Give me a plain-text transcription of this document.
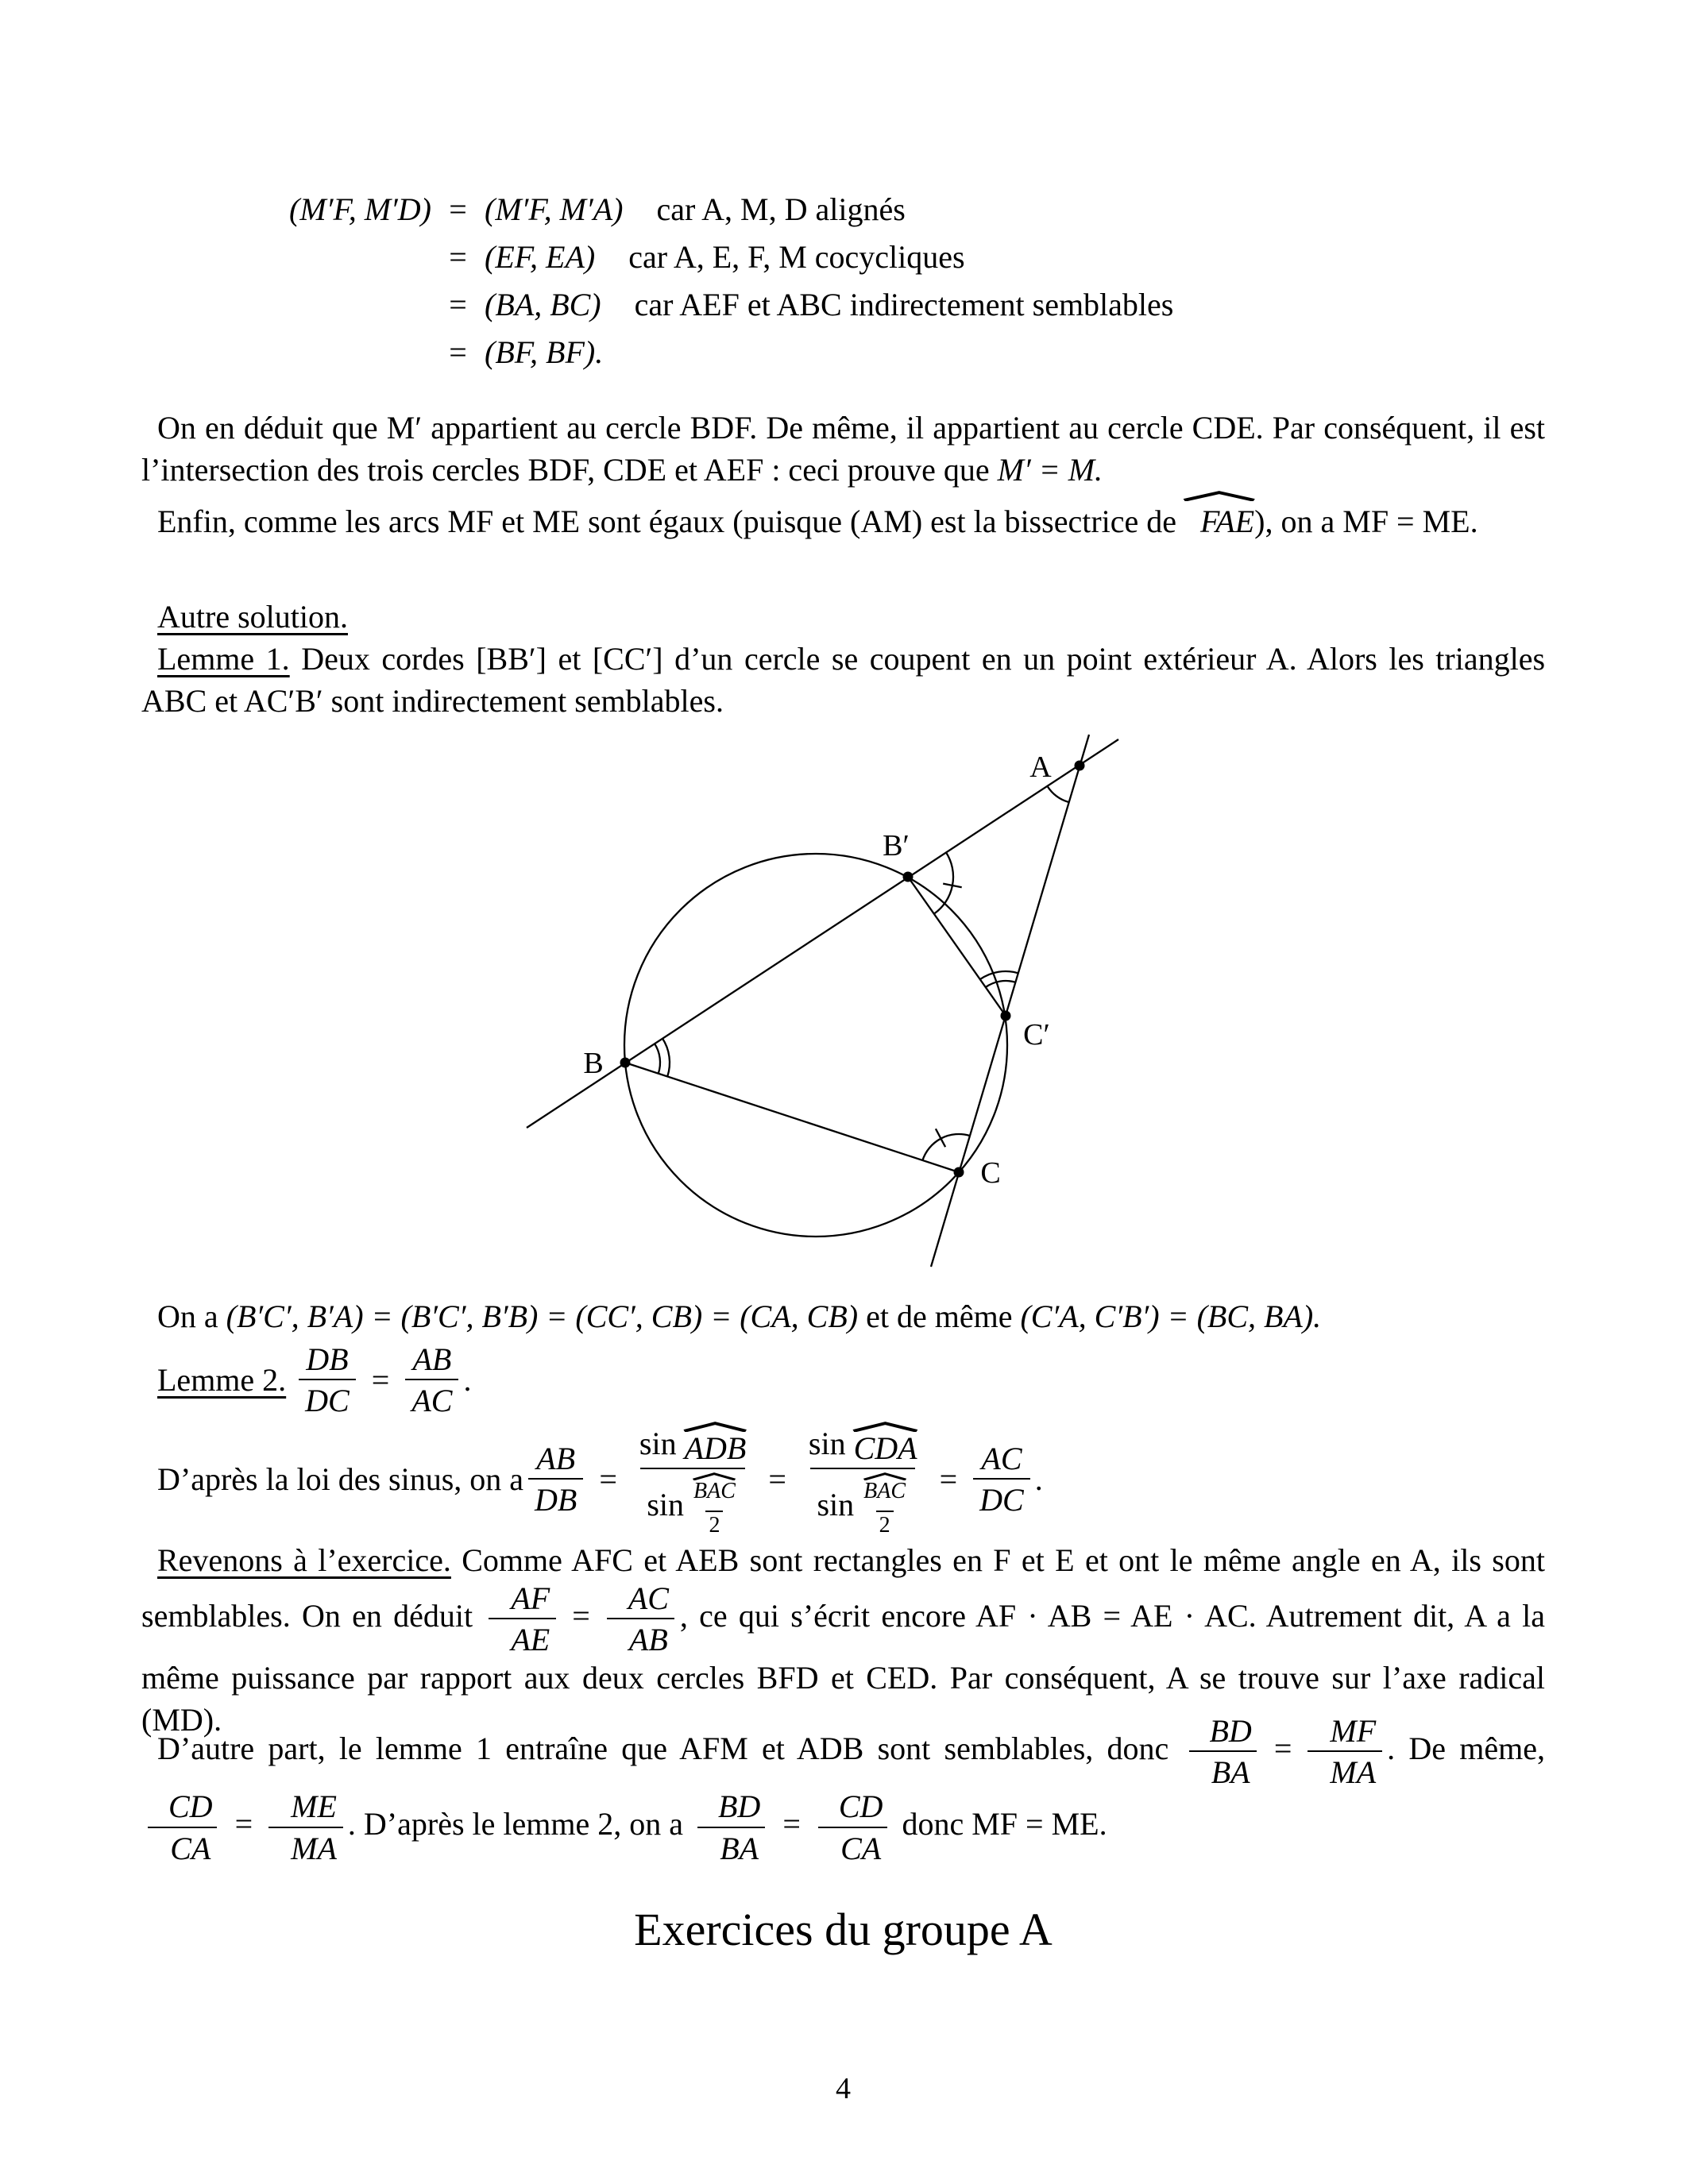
(M′F, M′D) = (M′F, M′A) car A, M, D alignés
= (EF, EA) car A, E, F, M cocycliques
= (BA, BC) car AEF et ABC indirectement semblables
= (BF, BF).
On en déduit que M′ appartient au cercle BDF. De même, il appartient au cercle CDE. Par conséquent, il est l’intersection des trois cercles BDF, CDE et AEF : ceci prouve que M′ = M.
Enfin, comme les arcs MF et ME sont égaux (puisque (AM) est la bissectrice de
FAE), on a MF = ME.
Autre solution.
Lemme 1. Deux cordes [BB′] et [CC′] d’un cercle se coupent en un point extérieur A. Alors les triangles ABC et AC′B′ sont indirectement semblables.
A
B′
C′
B
C
On a (B′C′, B′A) = (B′C′, B′B) = (CC′, CB) = (CA, CB) et de même (C′A, C′B′) = (BC, BA).
Lemme 2. $\frac{DB}{DC} = \frac{AB}{AC}$ .
D’après la loi des sinus, on a $\frac{AB}{DB} = \sin$
ADB
sin BAC
2 = sin
CDA
sin BAC
$2 = \frac{AC}{DC}$ .
Revenons à l’exercice. Comme AFC et AEB sont rectangles en F et E et ont le même angle en A, ils sont semblables. On en déduit $\frac{AF}{AE} = \frac{AC}{AB}$ , ce qui s’écrit encore AF · AB = AE · AC. Autrement dit, A a la même puissance par rapport aux deux cercles BFD et CED. Par conséquent, A se trouve sur l’axe radical (MD).
D’autre part, le lemme 1 entraîne que AFM et ADB sont semblables, donc $\frac{BD}{BA} = \frac{MF}{MA}$ . De même,
$\frac{CD}{CA} = \frac{ME}{MA}$ . D’après le lemme 2, on a $\frac{BD}{BA} = \frac{CD}{CA}$ donc MF = ME.
Exercices du groupe A
4
